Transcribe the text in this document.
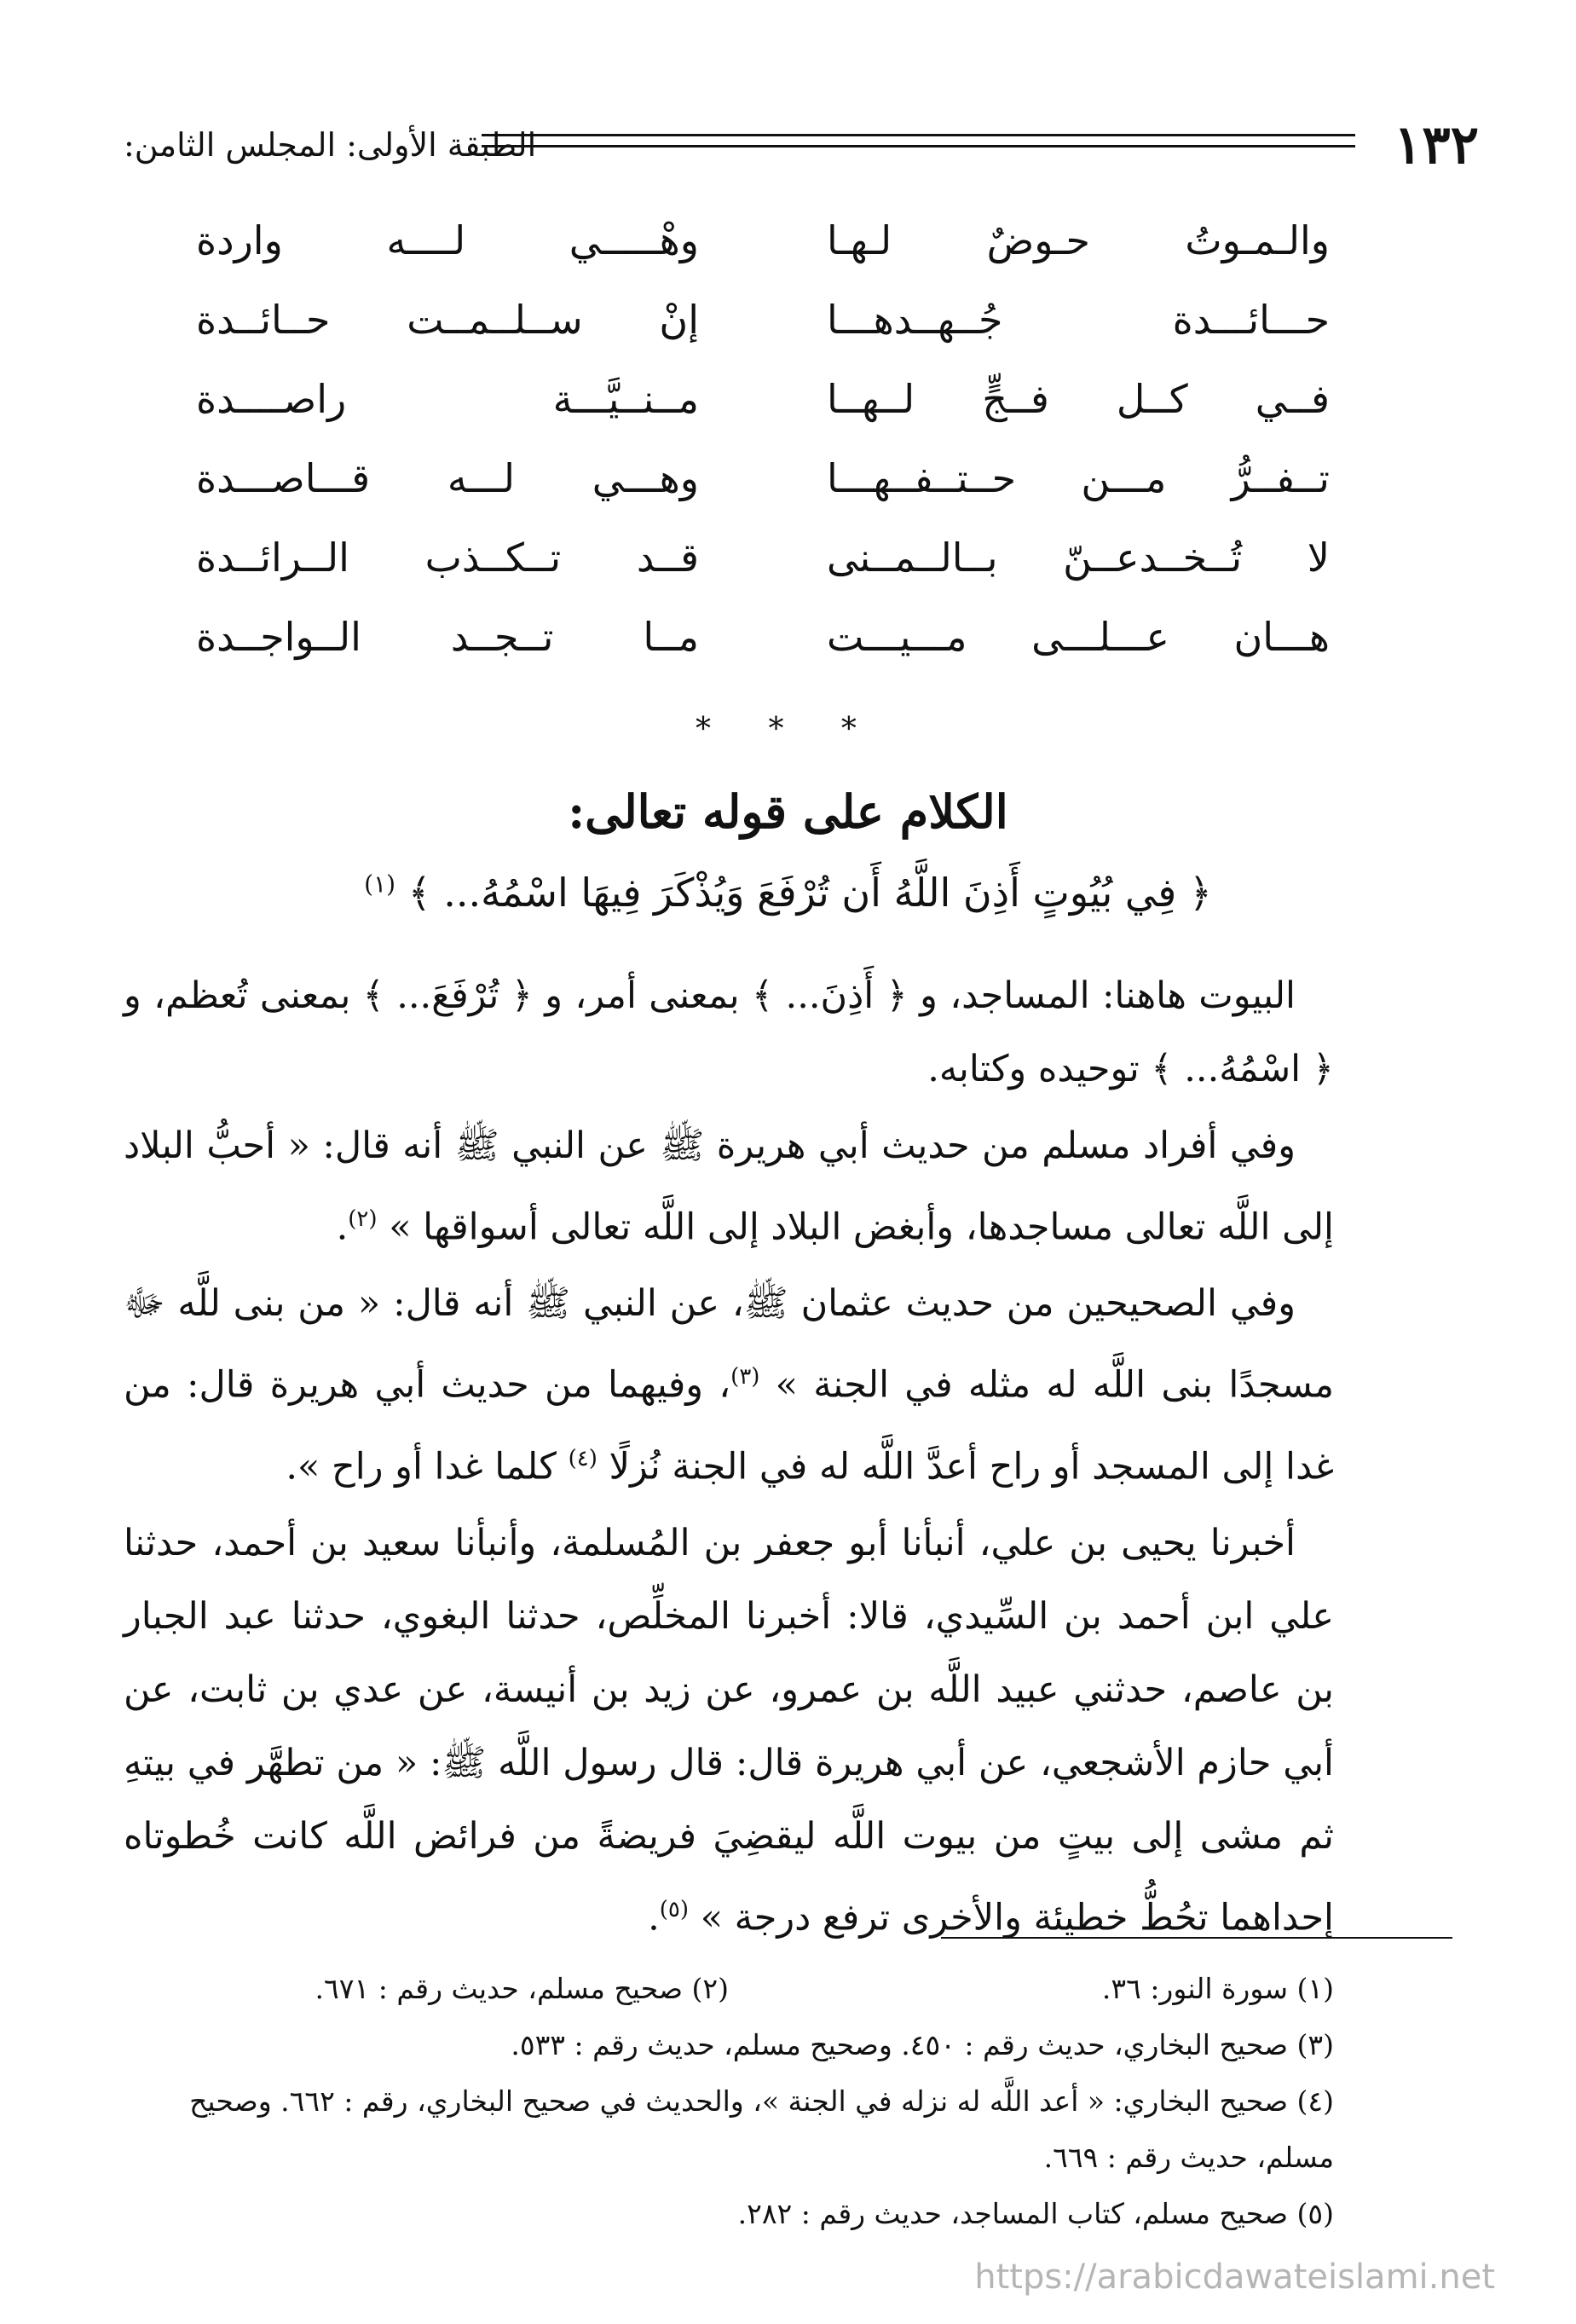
١٣٢
الطبقة الأولى: المجلس الثامن:
والـمـوتُ حـوضٌ لـهـا
وهْـــــي لــــه واردة
حـــائـــدة جُــهــدهـــا
إنْ ســلــمــت حــائــدة
فــي كــل فــجٍّ لــهــا
مــنــيَّـــة راصــــدة
تــفــرُّ مـــن حــتــفــهـــا
وهـــي لـــه قـــاصـــدة
لا تُــخــدعــنّ بــالــمــنى
قــد تــكــذب الــرائــدة
هـــان عـــلـــى مـــيـــت
مــا تــجــد الــواجــدة
* * *
الكلام على قوله تعالى:
﴿ فِي بُيُوتٍ أَذِنَ اللَّهُ أَن تُرْفَعَ وَيُذْكَرَ فِيهَا اسْمُهُ... ﴾ $^{(١)}$

البيوت هاهنا: المساجد، و ﴿ أَذِنَ... ﴾ بمعنى أمر، و ﴿ تُرْفَعَ... ﴾ بمعنى تُعظم، و ﴿ اسْمُهُ... ﴾ توحيده وكتابه.

وفي أفراد مسلم من حديث أبي هريرة ﷺ عن النبي ﷺ أنه قال: « أحبُّ البلاد إلى اللَّه تعالى مساجدها، وأبغض البلاد إلى اللَّه تعالى أسواقها » $^{(٢)}$.

وفي الصحيحين من حديث عثمان ﷺ، عن النبي ﷺ أنه قال: « من بنى للَّه ﷻ مسجدًا بنى اللَّه له مثله في الجنة » $^{(٣)}$، وفيهما من حديث أبي هريرة قال: من غدا إلى المسجد أو راح أعدَّ اللَّه له في الجنة نُزلًا $^{(٤)}$ كلما غدا أو راح ».

أخبرنا يحيى بن علي، أنبأنا أبو جعفر بن المُسلمة، وأنبأنا سعيد بن أحمد، حدثنا علي ابن أحمد بن السِّيدي، قالا: أخبرنا المخلِّص، حدثنا البغوي، حدثنا عبد الجبار بن عاصم، حدثني عبيد اللَّه بن عمرو، عن زيد بن أنيسة، عن عدي بن ثابت، عن أبي حازم الأشجعي، عن أبي هريرة قال: قال رسول اللَّه ﷺ: « من تطهَّر في بيتهِ ثم مشى إلى بيتٍ من بيوت اللَّه ليقضِيَ فريضةً من فرائض اللَّه كانت خُطوتاه إحداهما تحُطُّ خطيئة والأخرى ترفع درجة » $^{(٥)}$.

(١) سورة النور: ٣٦.
(٢) صحيح مسلم، حديث رقم : ٦٧١.
(٣) صحيح البخاري، حديث رقم : ٤٥٠. وصحيح مسلم، حديث رقم : ٥٣٣.
(٤) صحيح البخاري: « أعد اللَّه له نزله في الجنة »، والحديث في صحيح البخاري، رقم : ٦٦٢. وصحيح مسلم، حديث رقم : ٦٦٩.
(٥) صحيح مسلم، كتاب المساجد، حديث رقم : ٢٨٢.
https://arabicdawateislami.net
